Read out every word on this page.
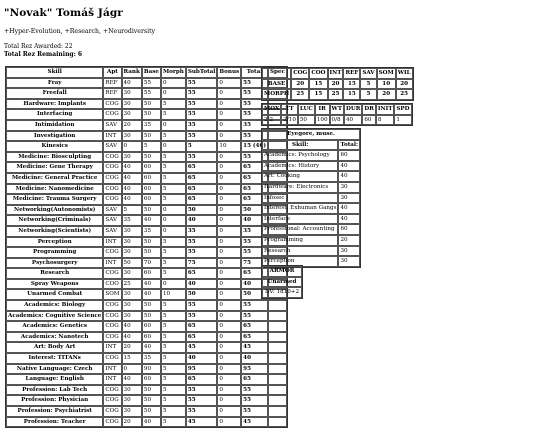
"Novak" Tomáš Jágr
+Hyper-Evolution, +Research, +Neurodiversity
Total Rez Awarded: 22
Total Rez Remaining: 6
Skill	Apt	Rank	Base	Morph	SubTotal	Bonus	Total	Spec
Fray	REF	40	55	0	55	0	55	
Freefall	REF	30	55	0	55	0	55	
Hardware: Implants	COG	30	50	5	55	0	55	
Interfacing	COG	30	50	5	55	0	55	
Intimidation	SAV	20	35	0	35	0	35	
Investigation	INT	30	50	5	55	0	55	
Kinesics	SAV	0	5	0	5	10	15 (40)	
Medicine: Biosculpting	COG	30	50	5	55	0	55	
Medicine: Gene Therapy	COG	40	60	5	65	0	65	
Medicine: General Practice	COG	40	60	5	65	0	65	
Medicine: Nanomedicine	COG	40	60	5	65	0	65	
Medicine: Trauma Surgery	COG	40	60	5	65	0	65	
Networking(Autonomists)	SAV	5	50	0	50	0	50	
Networking(Criminals)	SAV	35	40	0	40	0	40	
Networking(Scientists)	SAV	30	35	0	35	0	35	
Perception	INT	30	50	5	55	0	55	
Programming	COG	30	50	5	55	0	55	
Psychosurgery	INT	50	70	5	75	0	75	
Research	COG	30	60	5	65	0	65	
Spray Weapons	COO	25	40	0	40	0	40	
Unarmed Combat	SOM	30	40	10	50	0	50	
Academics: Biology	COG	30	50	5	55	0	55	
Academics: Cognitive Science	COG	30	50	5	55	0	55	
Academics: Genetics	COG	40	60	5	65	0	65	
Academics: Nanotech	COG	40	60	5	65	0	65	
Art: Body Art	INT	20	40	5	45	0	45	
Interest: TITANs	COG	15	35	5	40	0	40	
Native Language: Czech	INT	0	90	5	95	0	95	
Language: English	INT	40	60	5	65	0	65	
Profession: Lab Tech	COG	30	50	5	55	0	55	
Profession: Physician	COG	30	50	5	55	0	55	
Profession: Psychiatrist	COG	30	50	5	55	0	55	
Profession: Teacher	COG	20	40	5	45	0	45	
	COG	COO	INT	REF	SAV	SOM	WIL
BASE	20	15	20	15	5	10	20
MORPH	25	15	25	15	5	20	25
MOX	TT	LUC	IR	WT	DUR	DR	INIT	SPD
2/2	2/10	50	100	0/8	40	60	8	1
Eyegore, muse.	
Skill:	Total:
Academics: Psychology	60
Academics: History	40
Art: Cooking	40
Hardware: Electronics	30
Infosec	30
Interest: Exhuman Gangs	40
Interface	40
Professional: Accounting	60
Programming	20
Research	30
Perception	30
ARMOR
Unarmed
DV: 1d10+2
